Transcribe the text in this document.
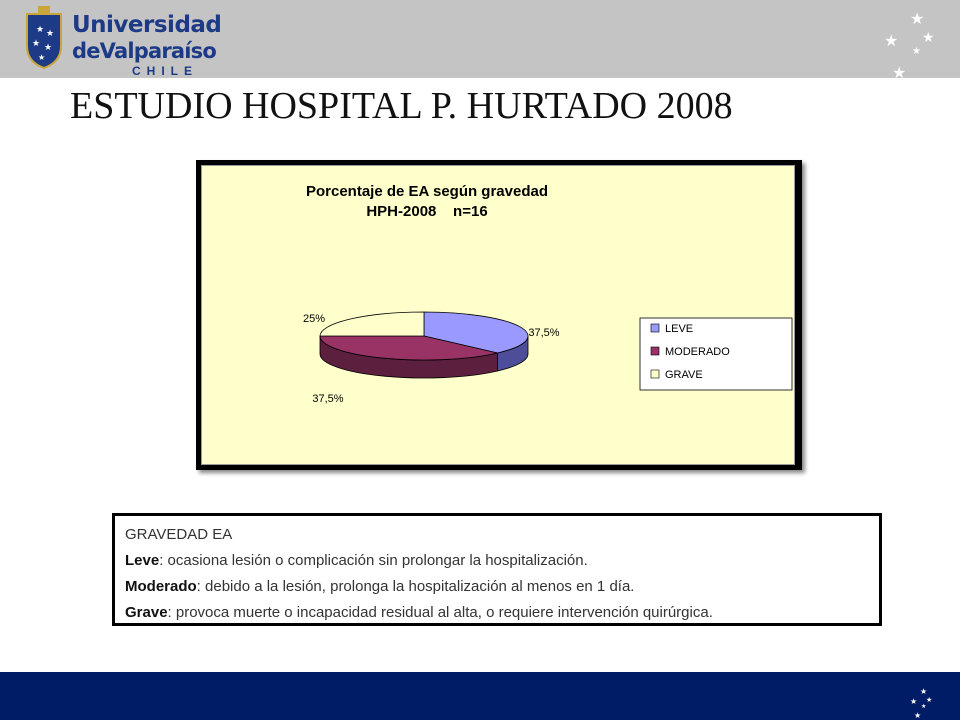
★ ★
★ ★
★
Universidad
deValparaíso
CHILE
★
★ ★
★
★
ESTUDIO HOSPITAL P. HURTADO 2008
Porcentaje de EA según gravedad
HPH-2008    n=16
37,5%
37,5%
25%
LEVE
MODERADO
GRAVE
GRAVEDAD EA
Leve: ocasiona lesión o complicación sin prolongar la hospitalización.
Moderado: debido a la lesión, prolonga la hospitalización al menos en 1 día.
Grave: provoca muerte o incapacidad residual al alta, o requiere intervención quirúrgica.
★
★ ★
★
★
